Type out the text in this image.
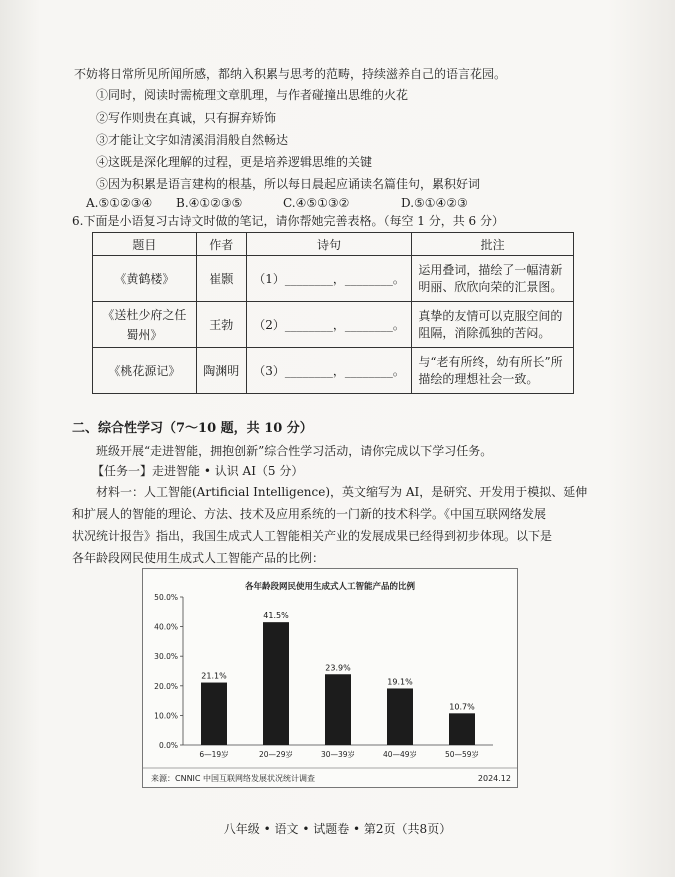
不妨将日常所见所闻所感，都纳入积累与思考的范畴，持续滋养自己的语言花园。
①同时，阅读时需梳理文章肌理，与作者碰撞出思维的火花
②写作则贵在真诚，只有摒弃矫饰
③才能让文字如清溪涓涓般自然畅达
④这既是深化理解的过程，更是培养逻辑思维的关键
⑤因为积累是语言建构的根基，所以每日晨起应诵读名篇佳句，累积好词
A.⑤①②③④	B.④①②③⑤	C.④⑤①③②	D.⑤①④②③
6.下面是小语复习古诗文时做的笔记，请你帮她完善表格。（每空 1 分，共 6 分）
题目	作者	诗句	批注
《黄鹤楼》	崔颢	（1）________，________。	运用叠词，描绘了一幅清新明丽、欣欣向荣的汇景图。
《送杜少府之任蜀州》	王勃	（2）________，________。	真挚的友情可以克服空间的阻隔，消除孤独的苦闷。
《桃花源记》	陶渊明	（3）________，________。	与“老有所终，幼有所长”所描绘的理想社会一致。
二、综合性学习（7～10 题，共 10 分）
班级开展“走进智能，拥抱创新”综合性学习活动，请你完成以下学习任务。
【任务一】走进智能 • 认识 AI（5 分）
材料一：人工智能(Artificial Intelligence)，英文缩写为 AI，是研究、开发用于模拟、延伸
和扩展人的智能的理论、方法、技术及应用系统的一门新的技术科学。《中国互联网络发展
状况统计报告》指出，我国生成式人工智能相关产业的发展成果已经得到初步体现。以下是
各年龄段网民使用生成式人工智能产品的比例：
各年龄段网民使用生成式人工智能产品的比例
0.0%
10.0%
20.0%
30.0%
40.0%
50.0%
21.1%
41.5%
23.9%
19.1%
10.7%
6—19岁	20—29岁	30—39岁	40—49岁	50—59岁
来源：CNNIC 中国互联网络发展状况统计调查	2024.12
八年级 • 语文 • 试题卷 • 第2页（共8页）
